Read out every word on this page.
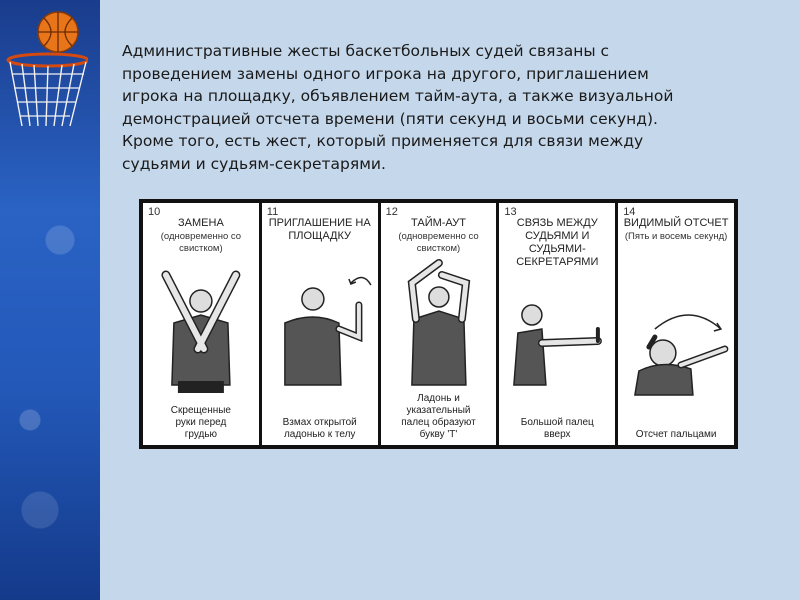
Административные жесты баскетбольных судей связаны с
проведением замены одного игрока на другого, приглашением
игрока на площадку, объявлением тайм-аута, а также визуальной
демонстрацией отсчета времени (пяти секунд и восьми секунд).
Кроме того, есть жест, который применяется для связи между
судьями и судьям-секретарями.
10
ЗАМЕНА
(одновременно со свистком)
Скрещенные
руки перед
грудью
11
ПРИГЛАШЕНИЕ НА ПЛОЩАДКУ
Взмах открытой
ладонью к телу
12
ТАЙМ-АУТ
(одновременно со свистком)
Ладонь и
указательный
палец образуют
букву 'Т'
13
СВЯЗЬ МЕЖДУ СУДЬЯМИ И СУДЬЯМИ-СЕКРЕТАРЯМИ
Большой палец
вверх
14
ВИДИМЫЙ ОТСЧЕТ
(Пять и восемь секунд)
Отсчет пальцами
